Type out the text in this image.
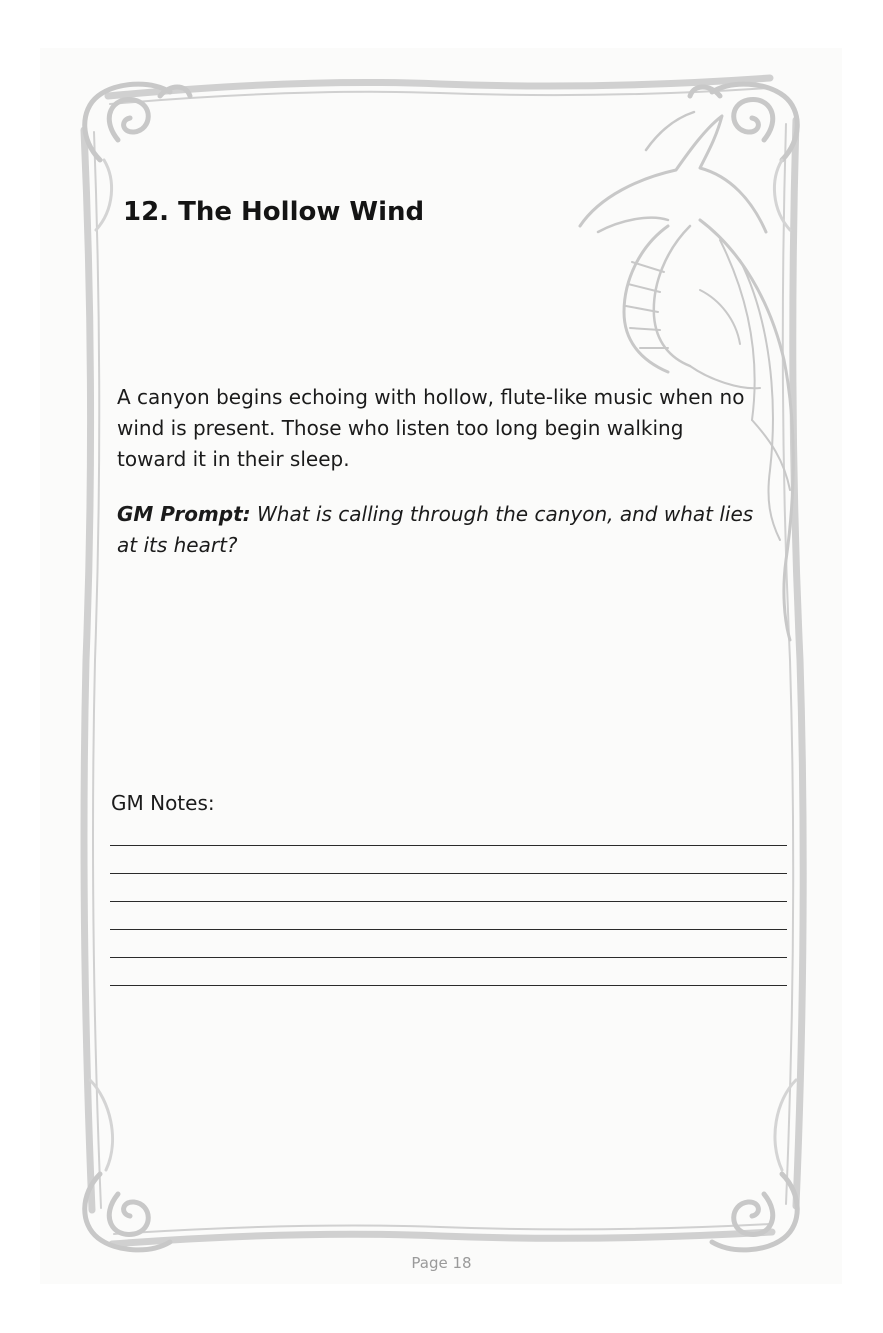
12. The Hollow Wind

A canyon begins echoing with hollow, flute-like music when no wind is present. Those who listen too long begin walking toward it in their sleep.

GM Prompt: What is calling through the canyon, and what lies at its heart?

GM Notes:

Page 18
